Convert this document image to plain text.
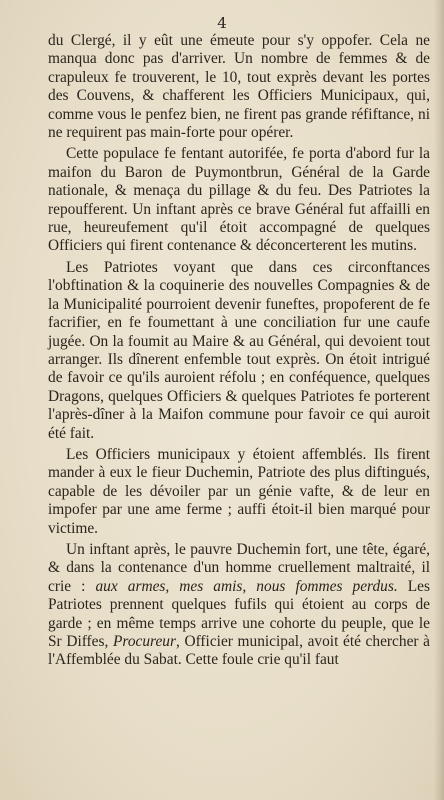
4

du Clergé, il y eût une émeute pour s'y oppofer. Cela ne manqua donc pas d'arriver. Un nombre de femmes & de crapuleux fe trouverent, le 10, tout exprès devant les portes des Couvens, & chafferent les Officiers Municipaux, qui, comme vous le penfez bien, ne firent pas grande réfiftance, ni ne requirent pas main-forte pour opérer.

Cette populace fe fentant autorifée, fe porta d'abord fur la maifon du Baron de Puymontbrun, Général de la Garde nationale, & menaça du pillage & du feu. Des Patriotes la repoufferent. Un inftant après ce brave Général fut affailli en rue, heureufement qu'il étoit accompagné de quelques Officiers qui firent contenance & déconcerterent les mutins.

Les Patriotes voyant que dans ces circonftances l'obftination & la coquinerie des nouvelles Compagnies & de la Municipalité pourroient devenir funeftes, propoferent de fe facrifier, en fe foumettant à une conciliation fur une caufe jugée. On la foumit au Maire & au Général, qui devoient tout arranger. Ils dînerent enfemble tout exprès. On étoit intrigué de favoir ce qu'ils auroient réfolu ; en conféquence, quelques Dragons, quelques Officiers & quelques Patriotes fe porterent l'après-dîner à la Maifon commune pour favoir ce qui auroit été fait.

Les Officiers municipaux y étoient affemblés. Ils firent mander à eux le fieur Duchemin, Patriote des plus diftingués, capable de les dévoiler par un génie vafte, & de leur en impofer par une ame ferme ; auffi étoit-il bien marqué pour victime.

Un inftant après, le pauvre Duchemin fort, une tête, égaré, & dans la contenance d'un homme cruellement maltraité, il crie : aux armes, mes amis, nous fommes perdus. Les Patriotes prennent quelques fufils qui étoient au corps de garde ; en même temps arrive une cohorte du peuple, que le Sr Diffes, Procureur, Officier municipal, avoit été chercher à l'Affemblée du Sabat. Cette foule crie qu'il faut
